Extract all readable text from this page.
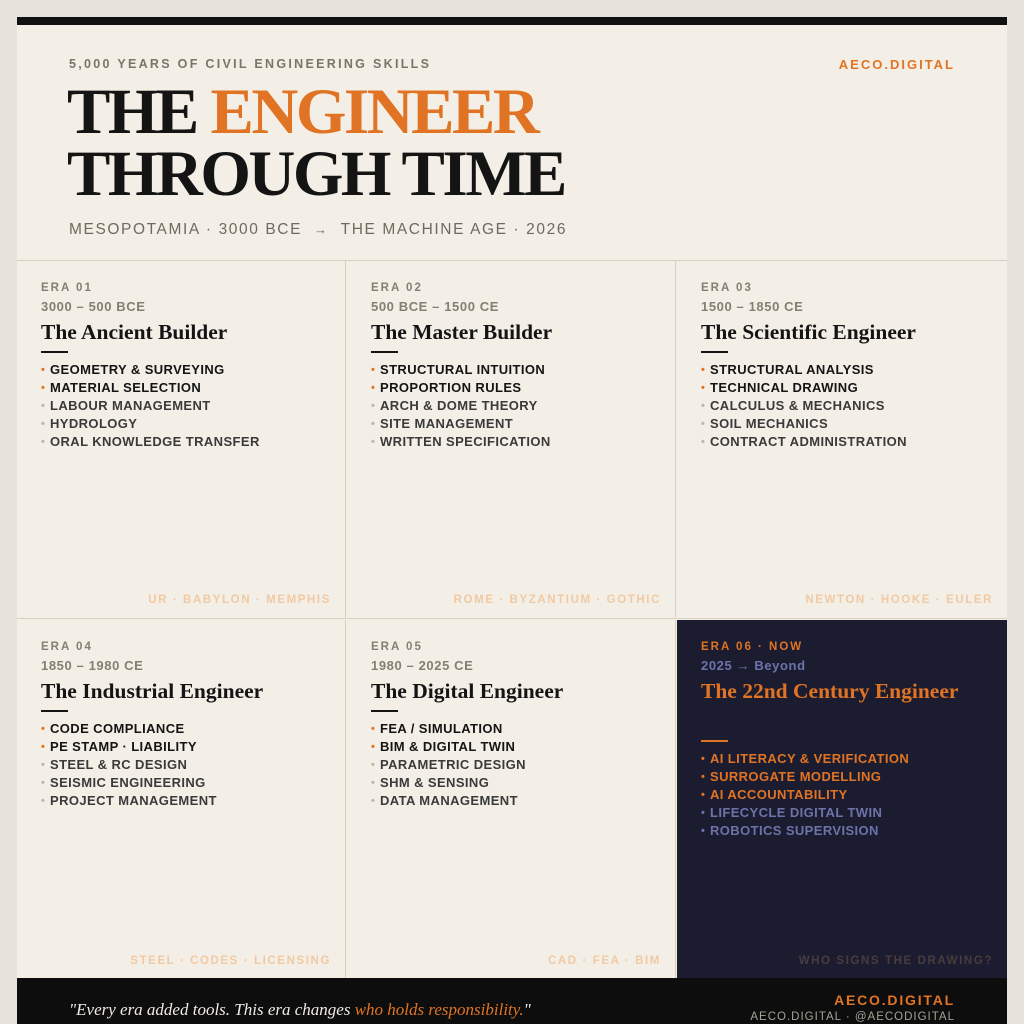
5,000 YEARS OF CIVIL ENGINEERING SKILLS	AECO.DIGITAL
THE ENGINEER
THROUGH TIME
MESOPOTAMIA · 3000 BCE → THE MACHINE AGE · 2026
ERA 01
3000 – 500 BCE
The Ancient Builder
• GEOMETRY & SURVEYING
• MATERIAL SELECTION
• LABOUR MANAGEMENT
• HYDROLOGY
• ORAL KNOWLEDGE TRANSFER
UR · BABYLON · MEMPHIS
ERA 02
500 BCE – 1500 CE
The Master Builder
• STRUCTURAL INTUITION
• PROPORTION RULES
• ARCH & DOME THEORY
• SITE MANAGEMENT
• WRITTEN SPECIFICATION
ROME · BYZANTIUM · GOTHIC
ERA 03
1500 – 1850 CE
The Scientific Engineer
• STRUCTURAL ANALYSIS
• TECHNICAL DRAWING
• CALCULUS & MECHANICS
• SOIL MECHANICS
• CONTRACT ADMINISTRATION
NEWTON · HOOKE · EULER
ERA 04
1850 – 1980 CE
The Industrial Engineer
• CODE COMPLIANCE
• PE STAMP · LIABILITY
• STEEL & RC DESIGN
• SEISMIC ENGINEERING
• PROJECT MANAGEMENT
STEEL · CODES · LICENSING
ERA 05
1980 – 2025 CE
The Digital Engineer
• FEA / SIMULATION
• BIM & DIGITAL TWIN
• PARAMETRIC DESIGN
• SHM & SENSING
• DATA MANAGEMENT
CAD · FEA · BIM
ERA 06 · NOW
2025 → Beyond
The 22nd Century Engineer
• AI LITERACY & VERIFICATION
• SURROGATE MODELLING
• AI ACCOUNTABILITY
• LIFECYCLE DIGITAL TWIN
• ROBOTICS SUPERVISION
WHO SIGNS THE DRAWING?
"Every era added tools. This era changes who holds responsibility."	AECO.DIGITAL
AECO.DIGITAL · @AECODIGITAL
